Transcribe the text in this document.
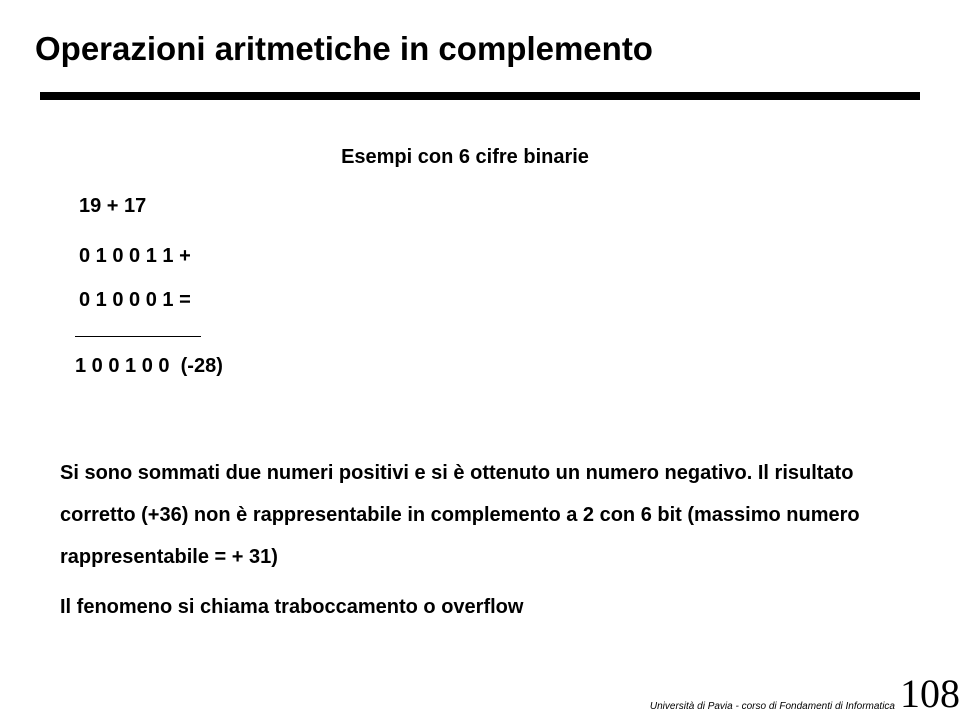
Operazioni aritmetiche in complemento
Esempi con 6 cifre binarie
19 + 17
0 1 0 0 1 1 +
0 1 0 0 0 1 =
1 0 0 1 0 0  (-28)

Si sono sommati due numeri positivi e si è ottenuto un numero negativo. Il risultato corretto (+36) non è rappresentabile in complemento a 2 con 6 bit (massimo numero rappresentabile = + 31)

Il fenomeno si chiama traboccamento o overflow

Università di Pavia - corso di Fondamenti di Informatica 108
